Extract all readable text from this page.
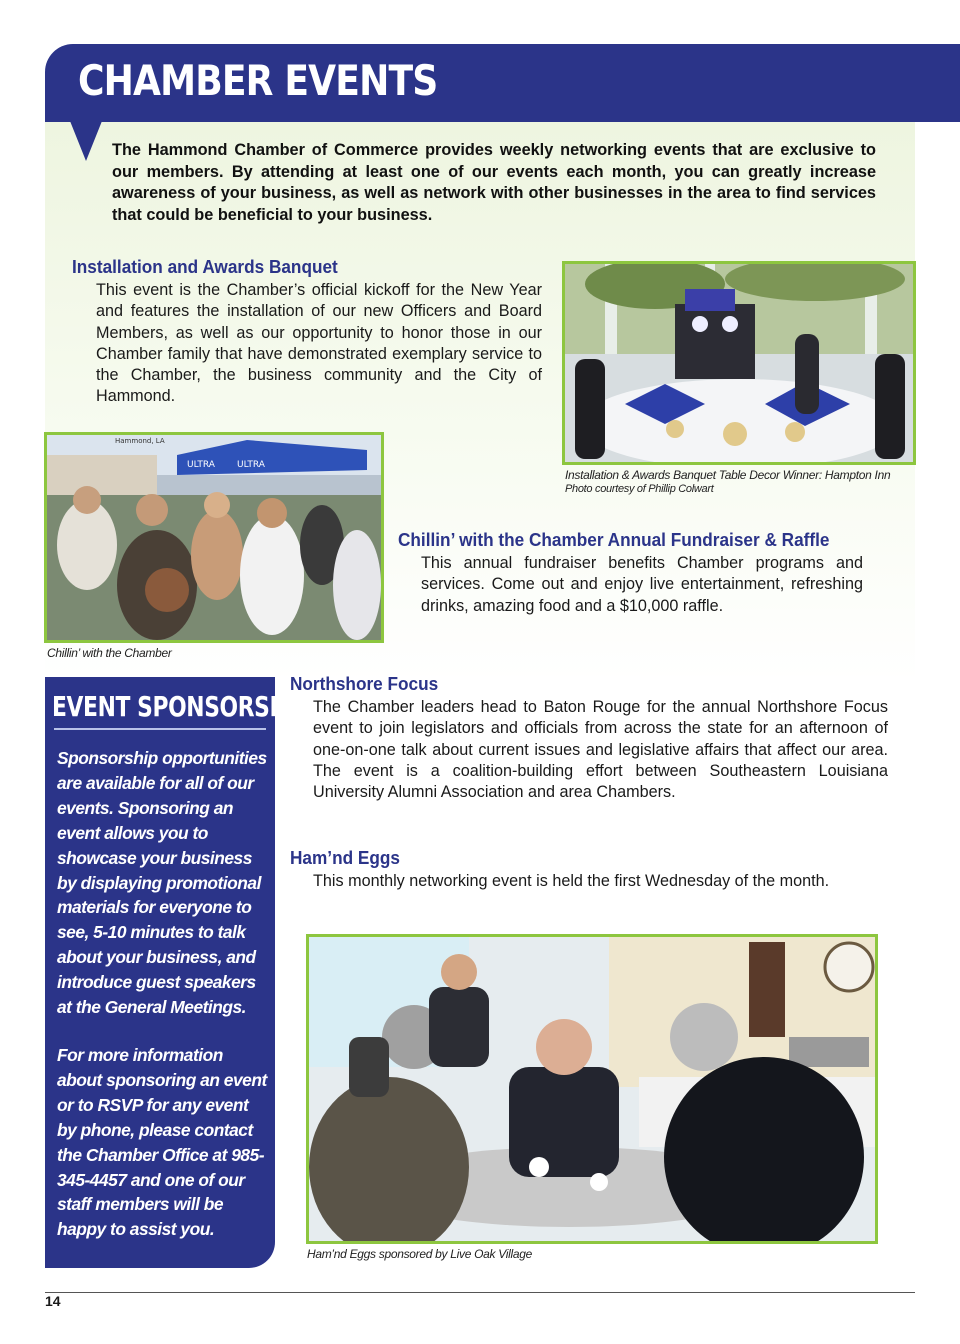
CHAMBER EVENTS
The Hammond Chamber of Commerce provides weekly networking events that are exclusive to our members. By attending at least one of our events each month, you can greatly increase awareness of your business, as well as network with other businesses in the area to find services that could be beneficial to your business.
Installation and Awards Banquet
This event is the Chamber’s official kickoff for the New Year and features the installation of our new Officers and Board Members, as well as our opportunity to honor those in our Chamber family that have demonstrated exemplary service to the Chamber, the business community and the City of Hammond.
Installation & Awards Banquet Table Decor Winner: Hampton Inn
Photo courtesy of Phillip Colwart
ULTRA ULTRA
Hammond, LA
Chillin’ with the Chamber
Chillin’ with the Chamber Annual Fundraiser & Raffle
This annual fundraiser benefits Chamber programs and services. Come out and enjoy live entertainment, refreshing drinks, amazing food and a $10,000 raffle.
EVENT SPONSORSHIP
Sponsorship opportunities are available for all of our events. Sponsoring an event allows you to showcase your business by displaying promotional materials for everyone to see, 5-10 minutes to talk about your business, and introduce guest speakers at the General Meetings.
For more information about sponsoring an event or to RSVP for any event by phone, please contact the Chamber Office at 985-345-4457 and one of our staff members will be happy to assist you.
Northshore Focus
The Chamber leaders head to Baton Rouge for the annual Northshore Focus event to join legislators and officials from across the state for an afternoon of one-on-one talk about current issues and legislative affairs that affect our area. The event is a coalition-building effort between Southeastern Louisiana University Alumni Association and area Chambers.
Ham’nd Eggs
This monthly networking event is held the first Wednesday of the month.
Ham’nd Eggs sponsored by Live Oak Village
14
